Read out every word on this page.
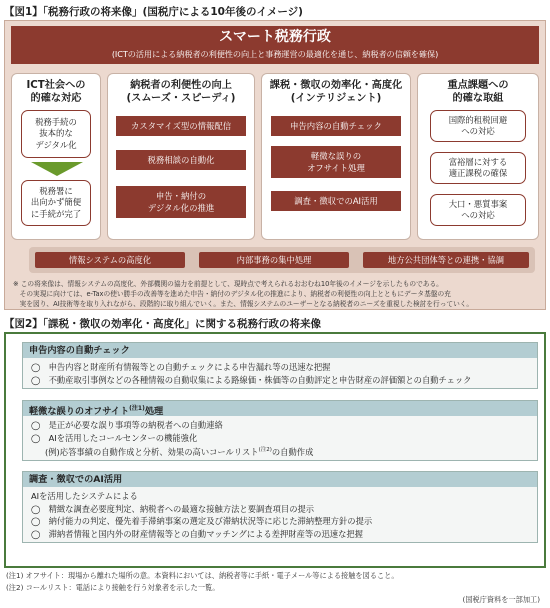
【図1】「税務行政の将来像」(国税庁による10年後のイメージ)
スマート税務行政
(ICTの活用による納税者の利便性の向上と事務運営の最適化を通じ、納税者の信頼を確保)
ICT社会への
的確な対応
税務手続の
抜本的な
デジタル化
税務署に
出向かず簡便
に手続が完了
納税者の利便性の向上
(スムーズ・スピーディ)
カスタマイズ型の情報配信
税務相談の自動化
申告・納付の
デジタル化の推進
課税・徴収の効率化・高度化
(インテリジェント)
申告内容の自動チェック
軽微な誤りの
オフサイト処理
調査・徴収でのAI活用
重点課題への
的確な取組
国際的租税回避
への対応
富裕層に対する
適正課税の確保
大口・悪質事案
への対応
情報システムの高度化	内部事務の集中処理	地方公共団体等との連携・協調
※ この将来像は、情報システムの高度化、外部機関の協力を前提として、現時点で考えられるおおむね10年後のイメージを示したものである。
　その実現に向けては、e-Taxの使い勝手の改善等を進めた申告・納付のデジタル化の推進により、納税者の利便性の向上とともにデータ基盤の充
　実を図り、AI技術等を取り入れながら、段階的に取り組んでいく。また、情報システムのユーザーとなる納税者のニーズを重視した検討を行っていく。
【図2】「課税・徴収の効率化・高度化」に関する税務行政の将来像
申告内容の自動チェック
◯　申告内容と財産所有情報等との自動チェックによる申告漏れ等の迅速な把握
◯　不動産取引事例などの各種情報の自動収集による路線価・株価等の自動評定と申告財産の評価額との自動チェック
軽微な誤りのオフサイト$^{(注1)}$処理
◯　是正が必要な誤り事項等の納税者への自動連絡
◯　AIを活用したコールセンターの機能強化
(例)応答事績の自動作成と分析、効果の高いコールリスト$^{(注2)}$の自動作成
調査・徴収でのAI活用
AIを活用したシステムによる
◯　精緻な調査必要度判定、納税者への最適な接触方法と要調査項目の提示
◯　納付能力の判定、優先着手滞納事案の選定及び滞納状況等に応じた滞納整理方針の提示
◯　滞納者情報と国内外の財産情報等との自動マッチングによる差押財産等の迅速な把握
(注1) オフサイト：現場から離れた場所の意。本資料においては、納税者等に手紙・電子メール等による接触を図ること。
(注2) コールリスト：電話により接触を行う対象者を示した一覧。
(国税庁資料を一部加工)
